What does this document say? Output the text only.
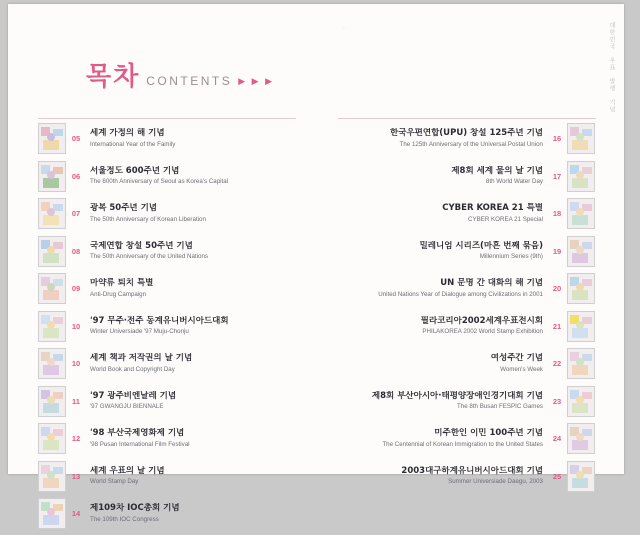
∙∙	대한민국 우표 발행 기념
목차 CONTENTS ▶ ▶ ▶
05
세계 가정의 해 기념
International Year of the Family
06
서울정도 600주년 기념
The 600th Anniversary of Seoul as Korea's Capital
07
광복 50주년 기념
The 50th Anniversary of Korean Liberation
08
국제연합 창설 50주년 기념
The 50th Anniversary of the United Nations
09
마약류 퇴치 특별
Anti-Drug Campaign
10
'97 무주·전주 동계유니버시아드대회
Winter Universiade '97 Muju-Chonju
10
세계 책과 저작권의 날 기념
World Book and Copyright Day
11
'97 광주비엔날레 기념
'97 GWANGJU BIENNALE
12
'98 부산국제영화제 기념
'98 Pusan International Film Festival
13
세계 우표의 날 기념
World Stamp Day
14
제109차 IOC총회 기념
The 109th IOC Congress
16
한국우편연합(UPU) 창설 125주년 기념
The 125th Anniversary of the Universal Postal Union
17
제8회 세계 물의 날 기념
8th World Water Day
18
CYBER KOREA 21 특별
CYBER KOREA 21 Special
19
밀레니엄 시리즈(마흔 번째 묶음)
Millennium Series (9th)
20
UN 문명 간 대화의 해 기념
United Nations Year of Dialogue among Civilizations in 2001
21
필라코리아2002세계우표전시회
PHILAKOREA 2002 World Stamp Exhibition
22
여성주간 기념
Women's Week
23
제8회 부산아시아·태평양장애인경기대회 기념
The 8th Busan FESPIC Games
24
미주한인 이민 100주년 기념
The Centennial of Korean Immigration to the United States
25
2003대구하계유니버시아드대회 기념
Summer Universiade Daegu, 2003
